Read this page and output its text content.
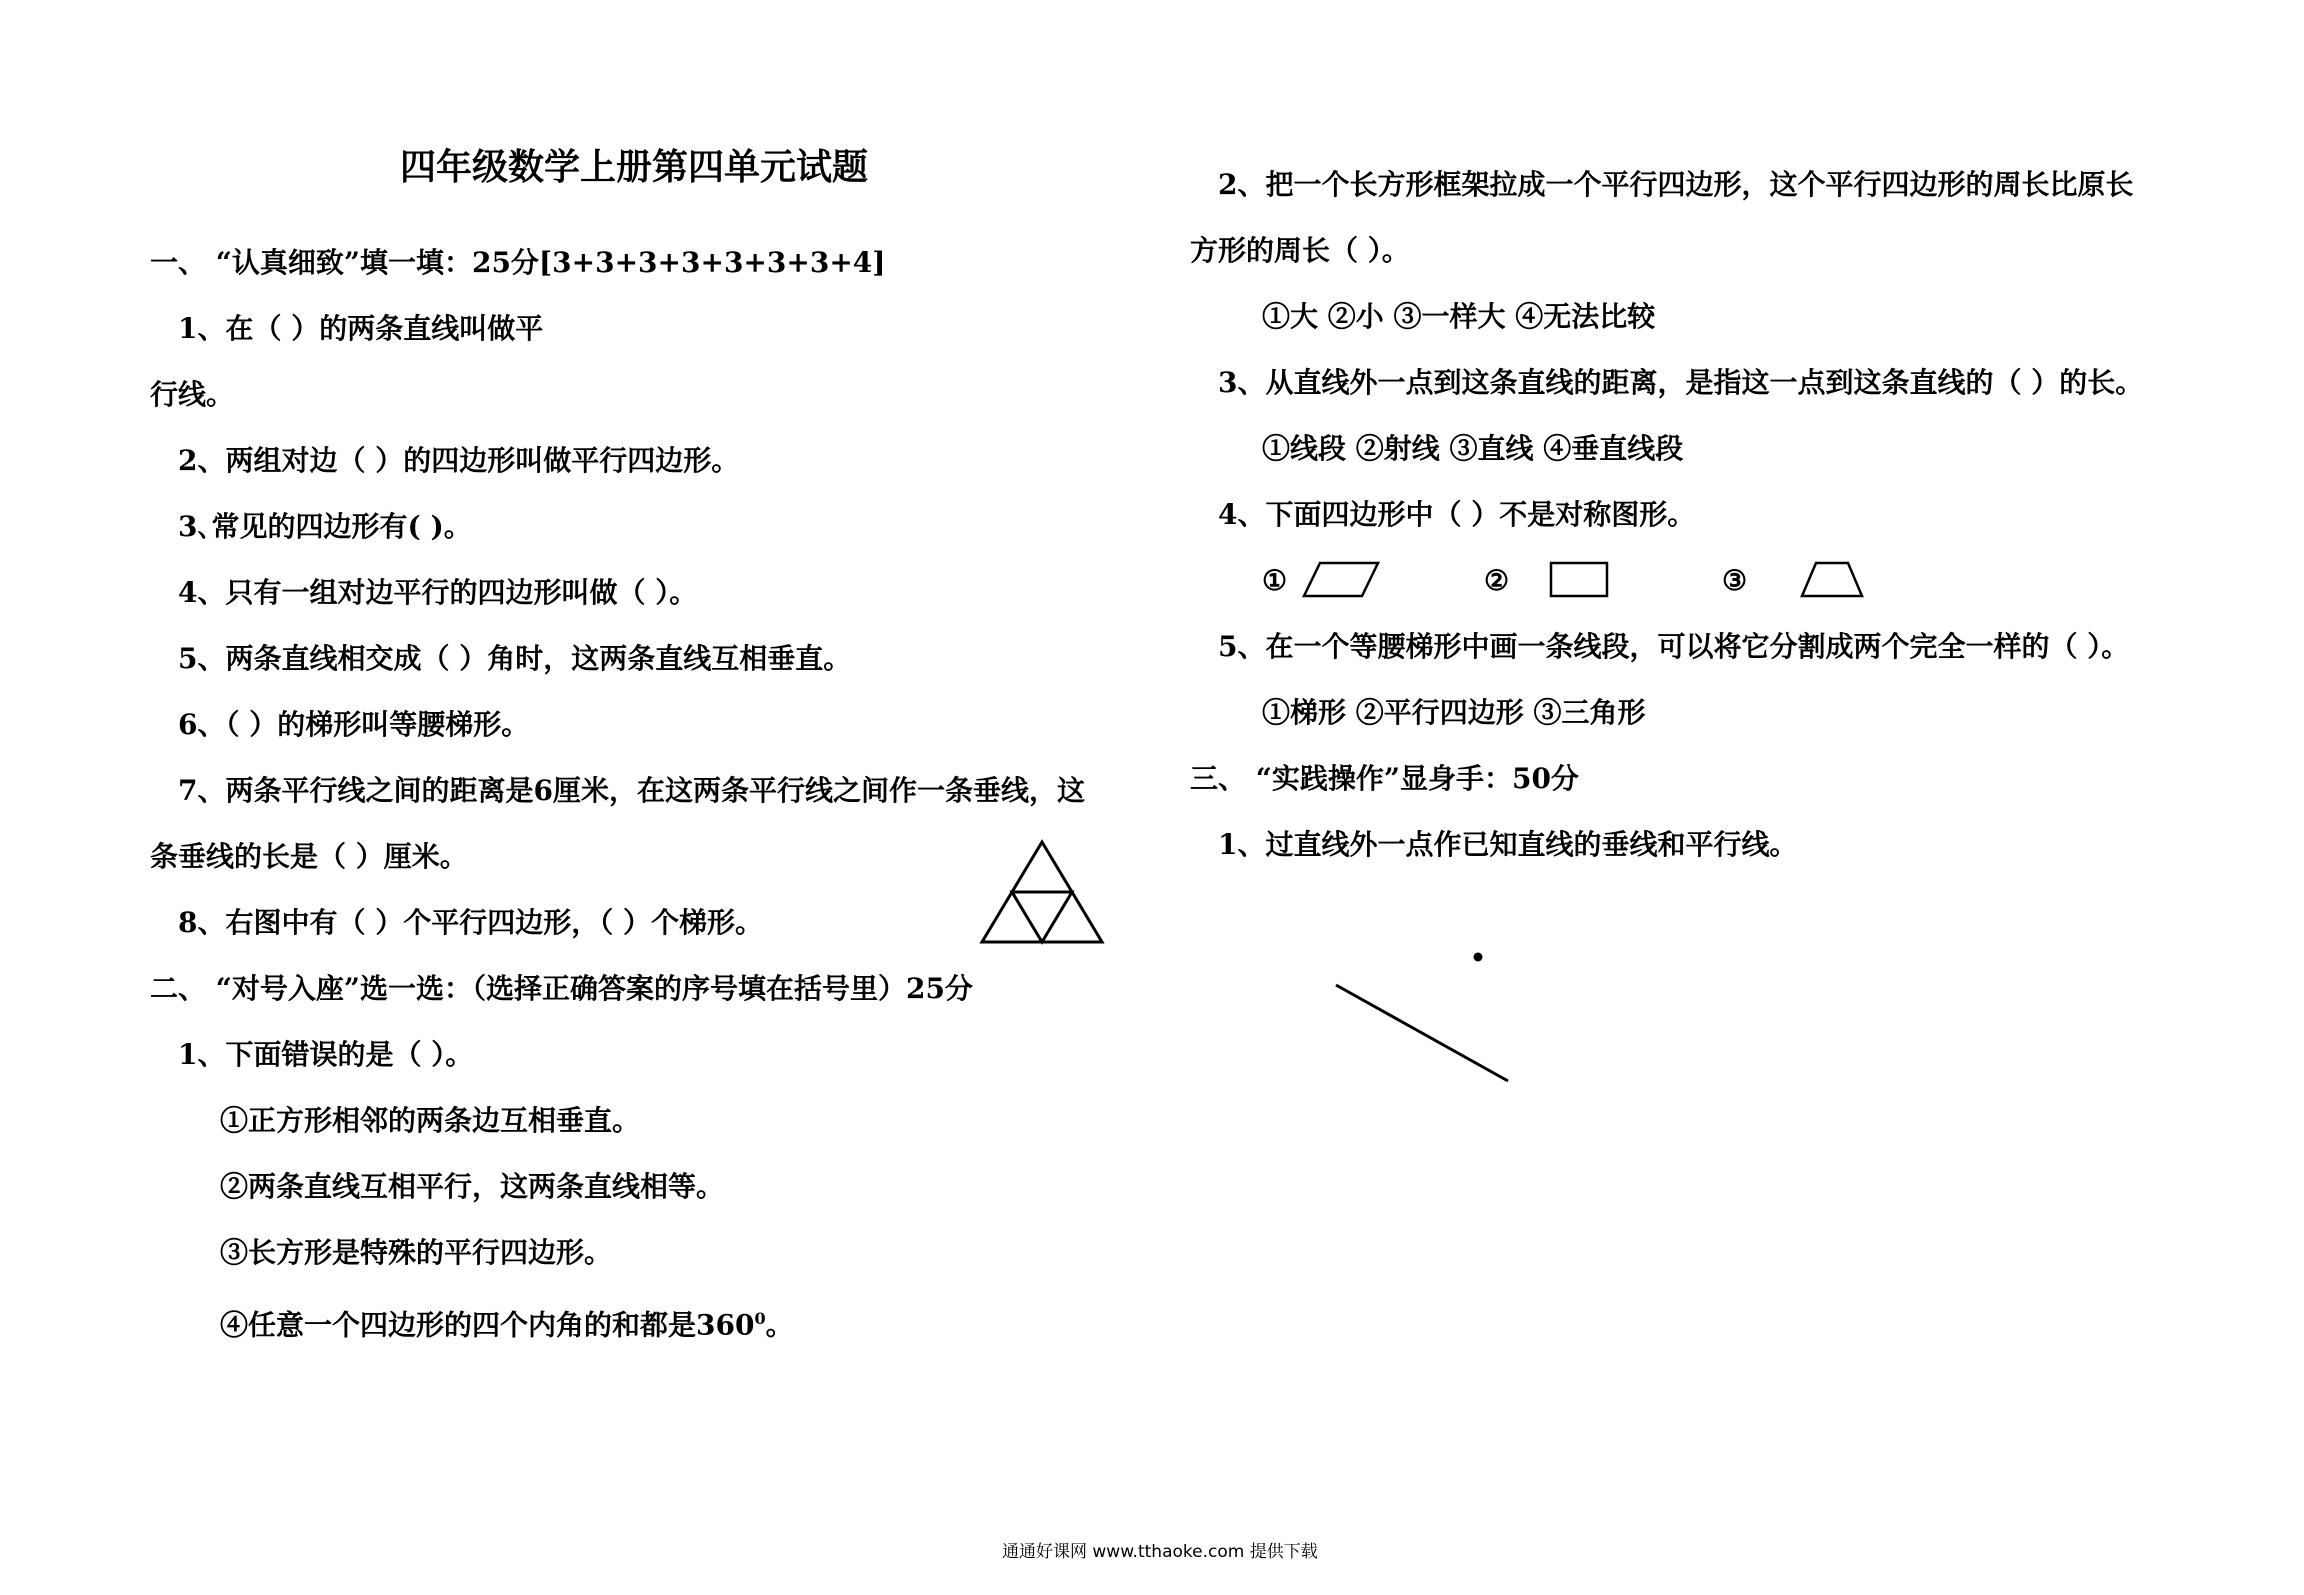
四年级数学上册第四单元试题
一、 “认真细致”填一填：25分[3+3+3+3+3+3+3+4]
1、在（ ）的两条直线叫做平
行线。
2、两组对边（ ）的四边形叫做平行四边形。
3､常见的四边形有( )。
4、只有一组对边平行的四边形叫做（ ）。
5、两条直线相交成（ ）角时，这两条直线互相垂直。
6、（ ）的梯形叫等腰梯形。
7、两条平行线之间的距离是6厘米，在这两条平行线之间作一条垂线，这
条垂线的长是（ ）厘米。
8、右图中有（ ）个平行四边形，（ ）个梯形。
二、 “对号入座”选一选：（选择正确答案的序号填在括号里）25分
1、下面错误的是（ ）。
①正方形相邻的两条边互相垂直。
②两条直线互相平行，这两条直线相等。
③长方形是特殊的平行四边形。
④任意一个四边形的四个内角的和都是$360^0$。
2、把一个长方形框架拉成一个平行四边形，这个平行四边形的周长比原长
方形的周长（ ）。
①大 ②小 ③一样大 ④无法比较
3、从直线外一点到这条直线的距离，是指这一点到这条直线的（ ）的长。
①线段 ②射线 ③直线 ④垂直线段
4、下面四边形中（ ）不是对称图形。
①	②	③
5、在一个等腰梯形中画一条线段，可以将它分割成两个完全一样的（ ）。
①梯形 ②平行四边形 ③三角形
三、 “实践操作”显身手：50分
1、过直线外一点作已知直线的垂线和平行线。
通通好课网 www.tthaoke.com 提供下载
